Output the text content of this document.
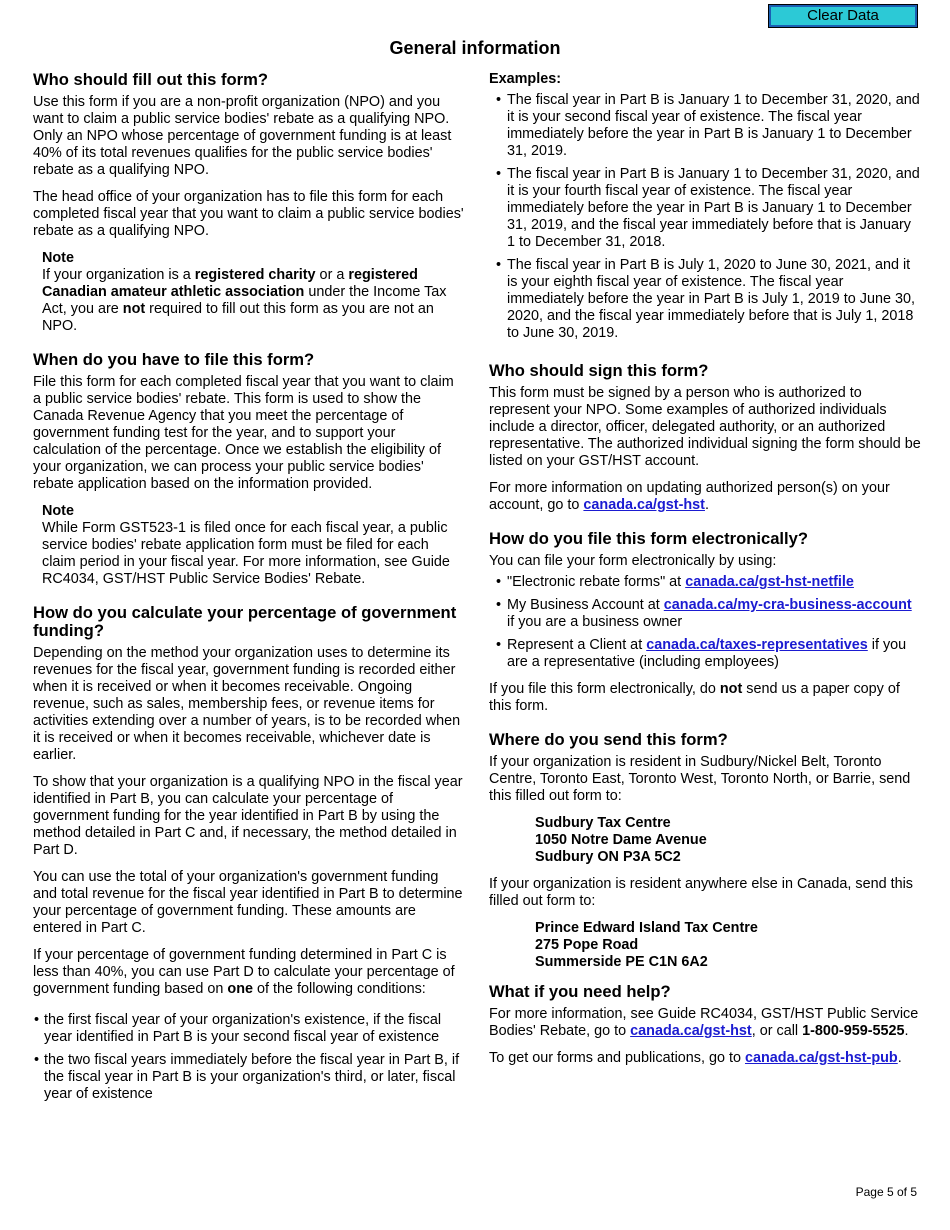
Clear Data
General information
Who should fill out this form?

Use this form if you are a non-profit organization (NPO) and you want to claim a public service bodies' rebate as a qualifying NPO. Only an NPO whose percentage of government funding is at least 40% of its total revenues qualifies for the public service bodies' rebate as a qualifying NPO.

The head office of your organization has to file this form for each completed fiscal year that you want to claim a public service bodies' rebate as a qualifying NPO.

Note

If your organization is a registered charity or a registered Canadian amateur athletic association under the Income Tax Act, you are not required to fill out this form as you are not an NPO.

When do you have to file this form?

File this form for each completed fiscal year that you want to claim a public service bodies' rebate. This form is used to show the Canada Revenue Agency that you meet the percentage of government funding test for the year, and to support your calculation of the percentage. Once we establish the eligibility of your organization, we can process your public service bodies' rebate application based on the information provided.

Note

While Form GST523-1 is filed once for each fiscal year, a public service bodies' rebate application form must be filed for each claim period in your fiscal year. For more information, see Guide RC4034, GST/HST Public Service Bodies' Rebate.

How do you calculate your percentage of government funding?

Depending on the method your organization uses to determine its revenues for the fiscal year, government funding is recorded either when it is received or when it becomes receivable. Ongoing revenue, such as sales, membership fees, or revenue items for activities extending over a number of years, is to be recorded when it is received or when it becomes receivable, whichever date is earlier.

To show that your organization is a qualifying NPO in the fiscal year identified in Part B, you can calculate your percentage of government funding for the year identified in Part B by using the method detailed in Part C and, if necessary, the method detailed in Part D.

You can use the total of your organization's government funding and total revenue for the fiscal year identified in Part B to determine your percentage of government funding. These amounts are entered in Part C.

If your percentage of government funding determined in Part C is less than 40%, you can use Part D to calculate your percentage of government funding based on one of the following conditions:

• the first fiscal year of your organization's existence, if the fiscal year identified in Part B is your second fiscal year of existence
• the two fiscal years immediately before the fiscal year in Part B, if the fiscal year in Part B is your organization's third, or later, fiscal year of existence
Examples:
• The fiscal year in Part B is January 1 to December 31, 2020, and it is your second fiscal year of existence. The fiscal year immediately before the year in Part B is January 1 to December 31, 2019.
• The fiscal year in Part B is January 1 to December 31, 2020, and it is your fourth fiscal year of existence. The fiscal year immediately before the year in Part B is January 1 to December 31, 2019, and the fiscal year immediately before that is January 1 to December 31, 2018.
• The fiscal year in Part B is July 1, 2020 to June 30, 2021, and it is your eighth fiscal year of existence. The fiscal year immediately before the year in Part B is July 1, 2019 to June 30, 2020, and the fiscal year immediately before that is July 1, 2018 to June 30, 2019.
Who should sign this form?

This form must be signed by a person who is authorized to represent your NPO. Some examples of authorized individuals include a director, officer, delegated authority, or an authorized representative. The authorized individual signing the form should be listed on your GST/HST account.

For more information on updating authorized person(s) on your account, go to canada.ca/gst-hst.

How do you file this form electronically?

You can file your form electronically by using:

• "Electronic rebate forms" at canada.ca/gst-hst-netfile
• My Business Account at canada.ca/my-cra-business-account if you are a business owner
• Represent a Client at canada.ca/taxes-representatives if you are a representative (including employees)

If you file this form electronically, do not send us a paper copy of this form.

Where do you send this form?

If your organization is resident in Sudbury/Nickel Belt, Toronto Centre, Toronto East, Toronto West, Toronto North, or Barrie, send this filled out form to:

Sudbury Tax Centre
1050 Notre Dame Avenue
Sudbury ON P3A 5C2

If your organization is resident anywhere else in Canada, send this filled out form to:

Prince Edward Island Tax Centre
275 Pope Road
Summerside PE C1N 6A2
What if you need help?

For more information, see Guide RC4034, GST/HST Public Service Bodies' Rebate, go to canada.ca/gst-hst, or call 1-800-959-5525.

To get our forms and publications, go to canada.ca/gst-hst-pub.

Page 5 of 5
